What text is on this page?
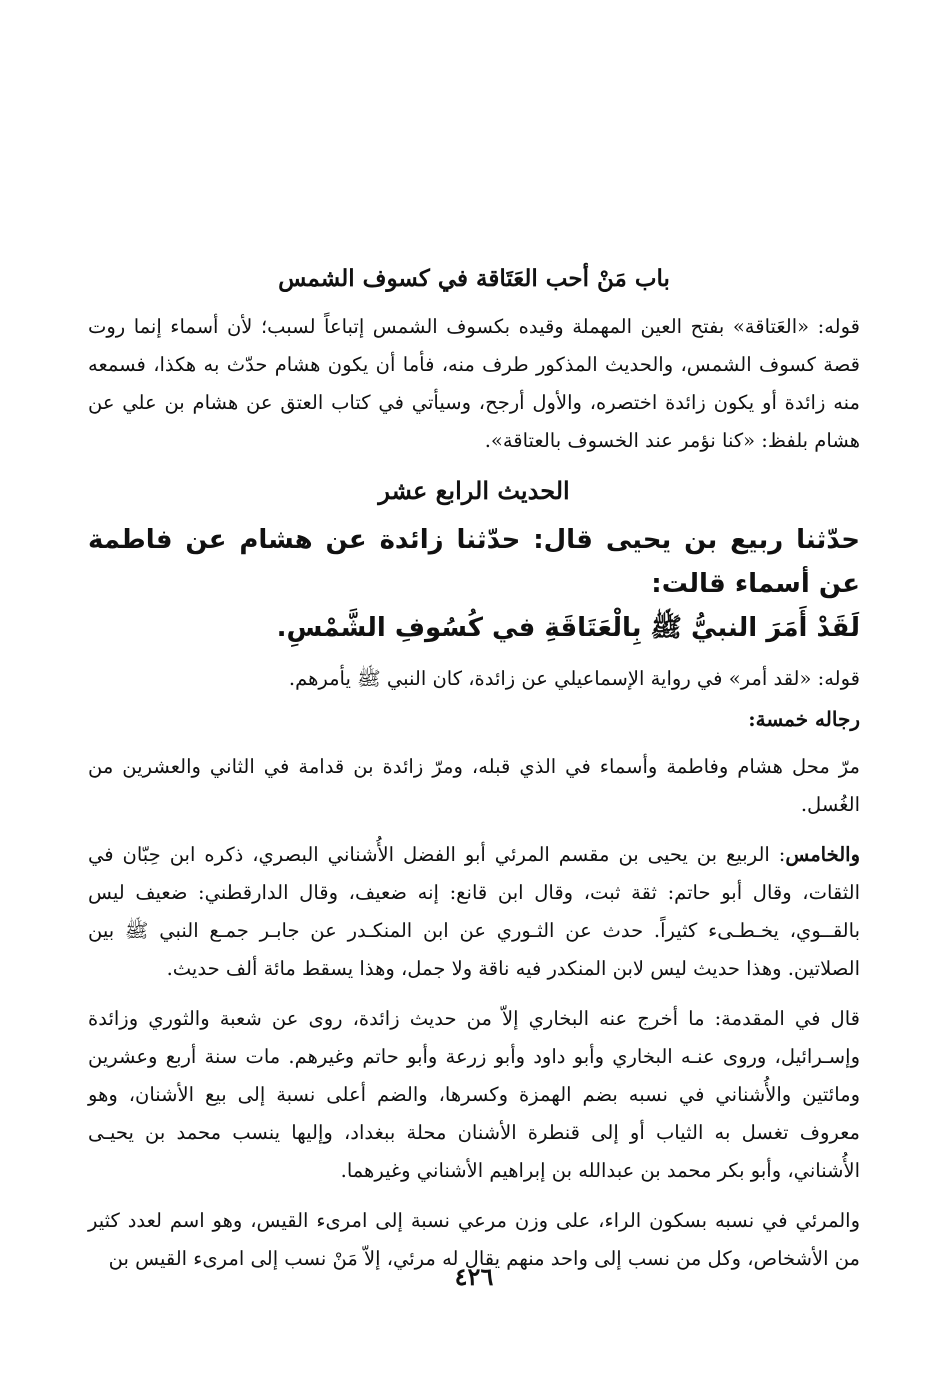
باب مَنْ أحب العَتَاقة في كسوف الشمس

قوله: «العَتاقة» بفتح العين المهملة وقيده بكسوف الشمس إتباعاً لسبب؛ لأن أسماء إنما روت قصة كسوف الشمس، والحديث المذكور طرف منه، فأما أن يكون هشام حدّث به هكذا، فسمعه منه زائدة أو يكون زائدة اختصره، والأول أرجح، وسيأتي في كتاب العتق عن هشام بن علي عن هشام بلفظ: «كنا نؤمر عند الخسوف بالعتاقة».

الحديث الرابع عشر
حدّثنا ربيع بن يحيى قال: حدّثنا زائدة عن هشام عن فاطمة عن أسماء قالت:
لَقَدْ أَمَرَ النبيُّ ﷺ بِالْعَتَاقَةِ في كُسُوفِ الشَّمْسِ.

قوله: «لقد أمر» في رواية الإسماعيلي عن زائدة، كان النبي ﷺ يأمرهم.

رجاله خمسة:

مرّ محل هشام وفاطمة وأسماء في الذي قبله، ومرّ زائدة بن قدامة في الثاني والعشرين من الغُسل.

والخامس: الربيع بن يحيى بن مقسم المرئي أبو الفضل الأُشناني البصري، ذكره ابن حِبّان في الثقات، وقال أبو حاتم: ثقة ثبت، وقال ابن قانع: إنه ضعيف، وقال الدارقطني: ضعيف ليس بالقــوي، يخـطـىء كثيراً. حدث عن الثـوري عن ابن المنكـدر عن جابـر جمـع النبي ﷺ بين الصلاتين. وهذا حديث ليس لابن المنكدر فيه ناقة ولا جمل، وهذا يسقط مائة ألف حديث.

قال في المقدمة: ما أخرج عنه البخاري إلاّ من حديث زائدة، روى عن شعبة والثوري وزائدة وإسـرائيل، وروى عنـه البخاري وأبو داود وأبو زرعة وأبو حاتم وغيرهم. مات سنة أربع وعشرين ومائتين والأُشناني في نسبه بضم الهمزة وكسرها، والضم أعلى نسبة إلى بيع الأشنان، وهو معروف تغسل به الثياب أو إلى قنطرة الأشنان محلة ببغداد، وإليها ينسب محمد بن يحيـى الأُشناني، وأبو بكر محمد بن عبدالله بن إبراهيم الأشناني وغيرهما.

والمرئي في نسبه بسكون الراء، على وزن مرعي نسبة إلى امرىء القيس، وهو اسم لعدد كثير من الأشخاص، وكل من نسب إلى واحد منهم يقال له مرئي، إلاّ مَنْ نسب إلى امرىء القيس بن

٤٢٦
